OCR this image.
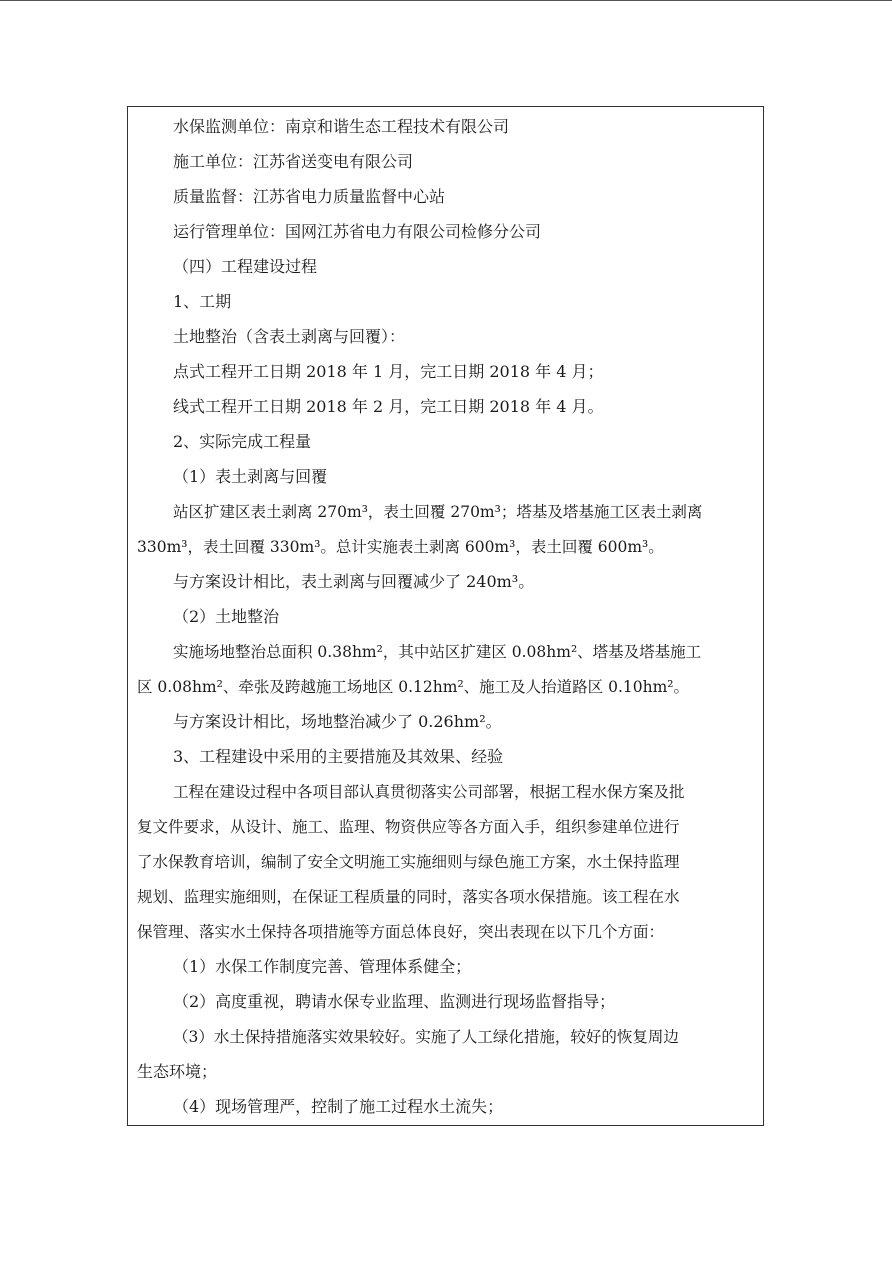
水保监测单位：南京和谐生态工程技术有限公司
施工单位：江苏省送变电有限公司
质量监督：江苏省电力质量监督中心站
运行管理单位：国网江苏省电力有限公司检修分公司
（四）工程建设过程
1、工期
土地整治（含表土剥离与回覆）：
点式工程开工日期 2018 年 1 月，完工日期 2018 年 4 月；
线式工程开工日期 2018 年 2 月，完工日期 2018 年 4 月。
2、实际完成工程量
（1）表土剥离与回覆
站区扩建区表土剥离 270m³，表土回覆 270m³；塔基及塔基施工区表土剥离
330m³，表土回覆 330m³。总计实施表土剥离 600m³，表土回覆 600m³。
与方案设计相比，表土剥离与回覆减少了 240m³。
（2）土地整治
实施场地整治总面积 0.38hm²，其中站区扩建区 0.08hm²、塔基及塔基施工
区 0.08hm²、牵张及跨越施工场地区 0.12hm²、施工及人抬道路区 0.10hm²。
与方案设计相比，场地整治减少了 0.26hm²。
3、工程建设中采用的主要措施及其效果、经验
工程在建设过程中各项目部认真贯彻落实公司部署，根据工程水保方案及批
复文件要求，从设计、施工、监理、物资供应等各方面入手，组织参建单位进行
了水保教育培训，编制了安全文明施工实施细则与绿色施工方案，水土保持监理
规划、监理实施细则，在保证工程质量的同时，落实各项水保措施。该工程在水
保管理、落实水土保持各项措施等方面总体良好，突出表现在以下几个方面：
（1）水保工作制度完善、管理体系健全；
（2）高度重视，聘请水保专业监理、监测进行现场监督指导；
（3）水土保持措施落实效果较好。实施了人工绿化措施，较好的恢复周边
生态环境；
（4）现场管理严，控制了施工过程水土流失；
